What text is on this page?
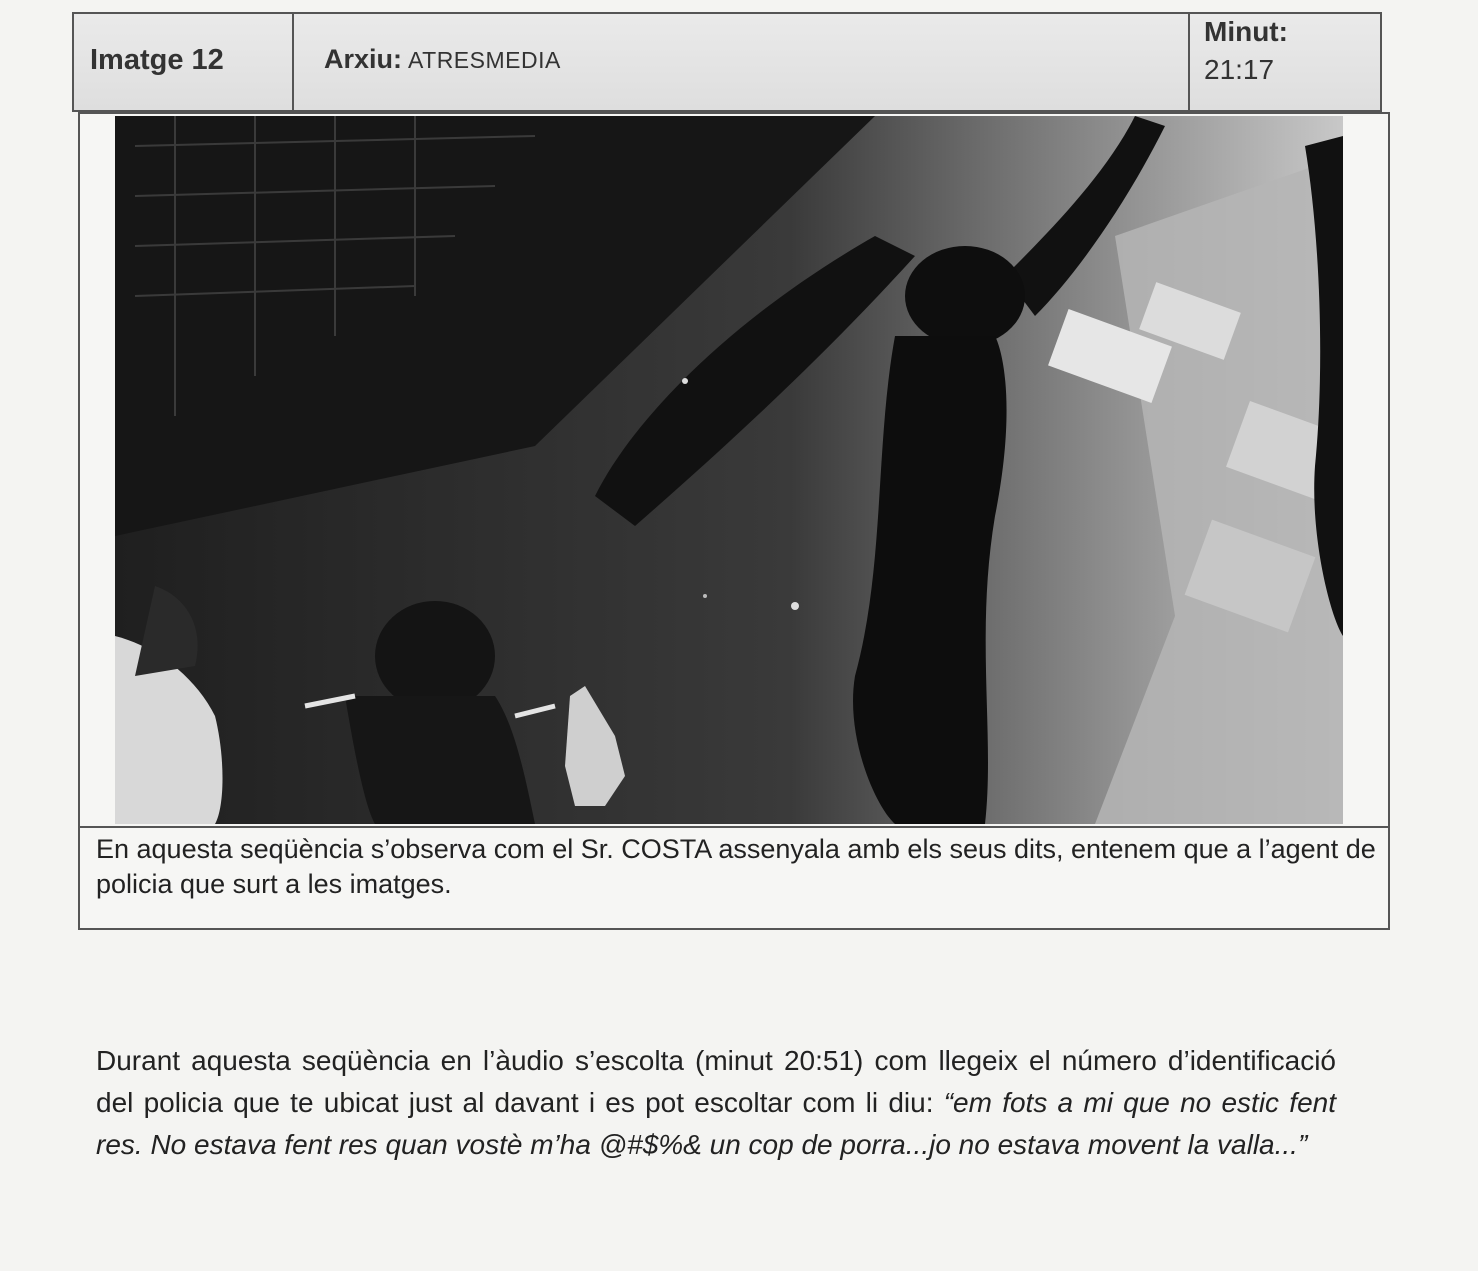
Imatge 12	Arxiu: ATRESMEDIA
Minut:
21:17
En aquesta seqüència s’observa com el Sr. COSTA assenyala amb els seus dits, entenem que a l’agent de policia que surt a les imatges.
Durant aquesta seqüència en l’àudio s’escolta (minut 20:51) com llegeix el número d’identificació del policia que te ubicat just al davant i es pot escoltar com li diu: “em fots a mi que no estic fent res. No estava fent res quan vostè m’ha @#$%& un cop de porra...jo no estava movent la valla...”
